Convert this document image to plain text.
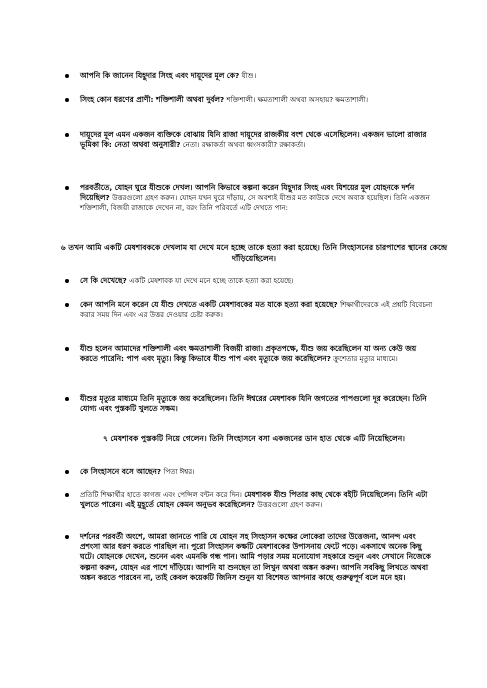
আপনি কি জানেন যিহূদার সিংহ এবং দায়ূদের মূল কে? যীশু।
সিংহ কোন ধরণের প্রাণী: শক্তিশালী অথবা দুর্বল? শক্তিশালী। ক্ষমতাশালী অথবা অসহায়? ক্ষমতাশালী।
দায়ূদের মূল এমন একজন ব্যক্তিকে বোঝায় যিনি রাজা দায়ূদের রাজকীয় বংশ থেকে এসেছিলেন। একজন ভালো রাজার ভূমিকা কি: নেতা অথবা অনুসারী? নেতা। রক্ষাকর্তা অথবা ধ্বংসকারী? রক্ষাকর্তা।
পরবর্তীতে, যোহন ঘুরে যীশুকে দেখল। আপনি কিভাবে কল্পনা করেন যিহূদার সিংহ এবং যিশয়ের মূল যোহনকে দর্শন দিয়েছিল? উত্তরগুলো গ্রহণ করুন। যোহন যখন ঘুরে দাঁড়ায়, সে অবশ্যই যীশুর মত কাউকে দেখে অবাক হয়েছিল। তিনি একজন শক্তিশালী, বিজয়ী রাজাকে দেখেন না, বরং তিনি পরিবর্তে এটি দেখতে পান:
৬ তখন আমি একটি মেষশাবককে দেখলাম যা দেখে মনে হচ্ছে তাকে হত্যা করা হয়েছে। তিনি সিংহাসনের চারপাশের স্থানের কেন্দ্রে দাঁড়িয়েছিলেন।
সে কি দেখেছে? একটি মেষশাবক যা দেখে মনে হচ্ছে তাকে হত্যা করা হয়েছে।
কেন আপনি মনে করেন যে যীশু দেখতে একটি মেষশাবকের মত যাকে হত্যা করা হয়েছে? শিক্ষার্থীদেরকে এই প্রশ্নটি বিবেচনা করার সময় দিন এবং এর উত্তর দেওয়ার চেষ্টা করুক।
যীশু হলেন আমাদের শক্তিশালী এবং ক্ষমতাশালী বিজয়ী রাজা। প্রকৃতপক্ষে, যীশু জয় করেছিলেন যা অন্য কেউ জয় করতে পারেনি: পাপ এবং মৃত্যু। কিন্তু কিভাবে যীশু পাপ এবং মৃত্যুকে জয় করেছিলেন? ক্রুশেতার মৃত্যুর মাধ্যমে।
যীশুর মৃত্যুর মাধ্যমে তিনি মৃত্যুকে জয় করেছিলেন। তিনি ঈশ্বরের মেষশাবক যিনি জগতের পাপগুলো দূর করেছেন। তিনি যোগ্য এবং পুস্তকটি খুলতে সক্ষম।
৭ মেষশাবক পুস্তকটি নিয়ে গেলেন। তিনি সিংহাসনে বসা একজনের ডান হাত থেকে এটি নিয়েছিলেন।
কে সিংহাসনে বসে আছেন? পিতা ঈশ্বর।
প্রতিটি শিক্ষার্থীর হাতে কাগজ এবং পেন্সিল বন্টন করে দিন। মেষশাবক যীশু পিতার কাছ থেকে বইটি নিয়েছিলেন। তিনি এটা খুলতে পারেন। এই মুহূর্তে যোহন কেমন অনুভব করেছিলেন? উত্তরগুলো গ্রহণ করুন।
দর্শনের পরবর্তী অংশে, আমরা জানতে পারি যে যোহন সহ সিংহাসন কক্ষের লোকেরা তাদের উত্তেজনা, আনন্দ এবং প্রশংসা আর ধরণ করতে পারছিল না। পুরো সিংহাসন কক্ষটি মেষশাবকের উপাসনায় ফেটে পড়ে। একসাথে অনেক কিছু ঘটে। যোহনকে দেখেন, শুনেন এবং এমনকি গন্ধ পান। আমি পড়ার সময় মনোযোগ সহকারে শুনুন এবং সেখানে নিজেকে কল্পনা করুন, যোহন এর পাশে দাঁড়িয়ে। আপনি যা শুনছেন তা লিখুন অথবা অঙ্কন করুন। আপনি সবকিছু লিখতে অথবা অঙ্কন করতে পারবেন না, তাই কেবল কয়েকটি জিনিস শুনুন যা বিশেষত আপনার কাছে গুরুত্বপূর্ণ বলে মনে হয়।
